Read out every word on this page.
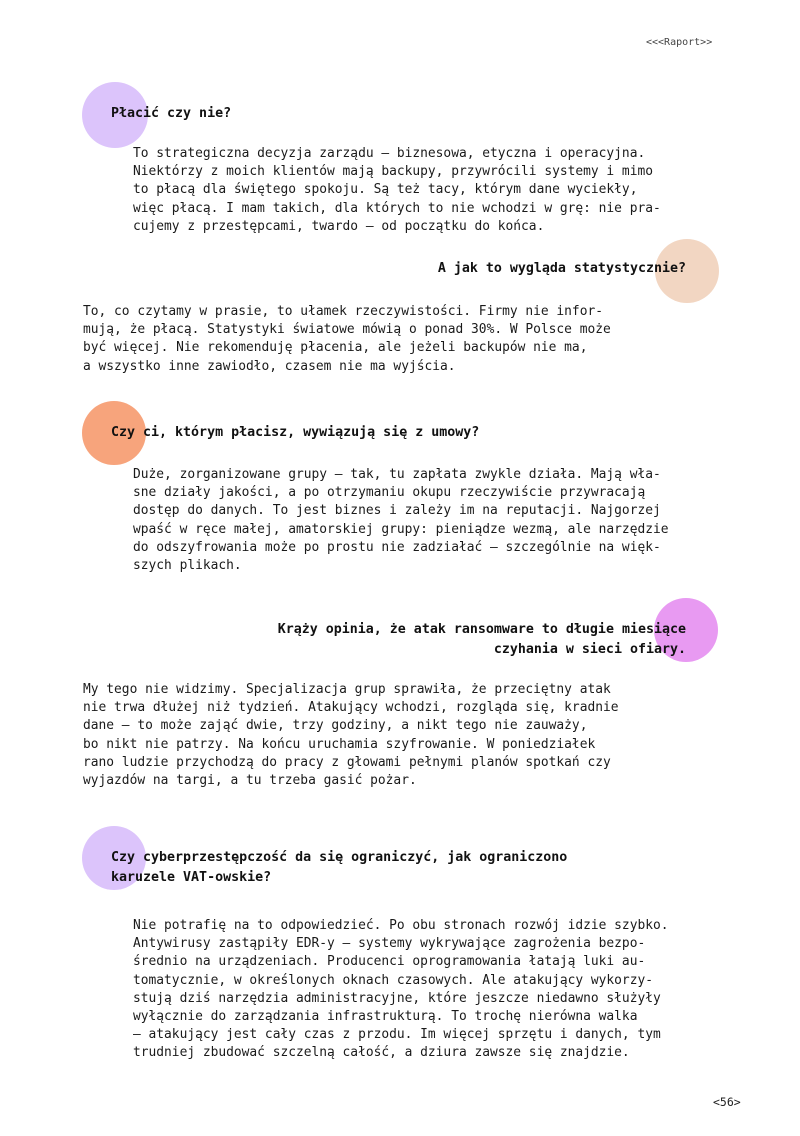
<<<Raport>>
Płacić czy nie?

To strategiczna decyzja zarządu — biznesowa, etyczna i operacyjna.
Niektórzy z moich klientów mają backupy, przywrócili systemy i mimo
to płacą dla świętego spokoju. Są też tacy, którym dane wyciekły,
więc płacą. I mam takich, dla których to nie wchodzi w grę: nie pra-
cujemy z przestępcami, twardo — od początku do końca.

A jak to wygląda statystycznie?

To, co czytamy w prasie, to ułamek rzeczywistości. Firmy nie infor-
mują, że płacą. Statystyki światowe mówią o ponad 30%. W Polsce może
być więcej. Nie rekomenduję płacenia, ale jeżeli backupów nie ma,
a wszystko inne zawiodło, czasem nie ma wyjścia.

Czy ci, którym płacisz, wywiązują się z umowy?

Duże, zorganizowane grupy — tak, tu zapłata zwykle działa. Mają wła-
sne działy jakości, a po otrzymaniu okupu rzeczywiście przywracają
dostęp do danych. To jest biznes i zależy im na reputacji. Najgorzej
wpaść w ręce małej, amatorskiej grupy: pieniądze wezmą, ale narzędzie
do odszyfrowania może po prostu nie zadziałać — szczególnie na więk-
szych plikach.

Krąży opinia, że atak ransomware to długie miesiące
czyhania w sieci ofiary.

My tego nie widzimy. Specjalizacja grup sprawiła, że przeciętny atak
nie trwa dłużej niż tydzień. Atakujący wchodzi, rozgląda się, kradnie
dane — to może zająć dwie, trzy godziny, a nikt tego nie zauważy,
bo nikt nie patrzy. Na końcu uruchamia szyfrowanie. W poniedziałek
rano ludzie przychodzą do pracy z głowami pełnymi planów spotkań czy
wyjazdów na targi, a tu trzeba gasić pożar.

Czy cyberprzestępczość da się ograniczyć, jak ograniczono
karuzele VAT-owskie?

Nie potrafię na to odpowiedzieć. Po obu stronach rozwój idzie szybko.
Antywirusy zastąpiły EDR-y — systemy wykrywające zagrożenia bezpo-
średnio na urządzeniach. Producenci oprogramowania łatają luki au-
tomatycznie, w określonych oknach czasowych. Ale atakujący wykorzy-
stują dziś narzędzia administracyjne, które jeszcze niedawno służyły
wyłącznie do zarządzania infrastrukturą. To trochę nierówna walka
— atakujący jest cały czas z przodu. Im więcej sprzętu i danych, tym
trudniej zbudować szczelną całość, a dziura zawsze się znajdzie.

<56>
